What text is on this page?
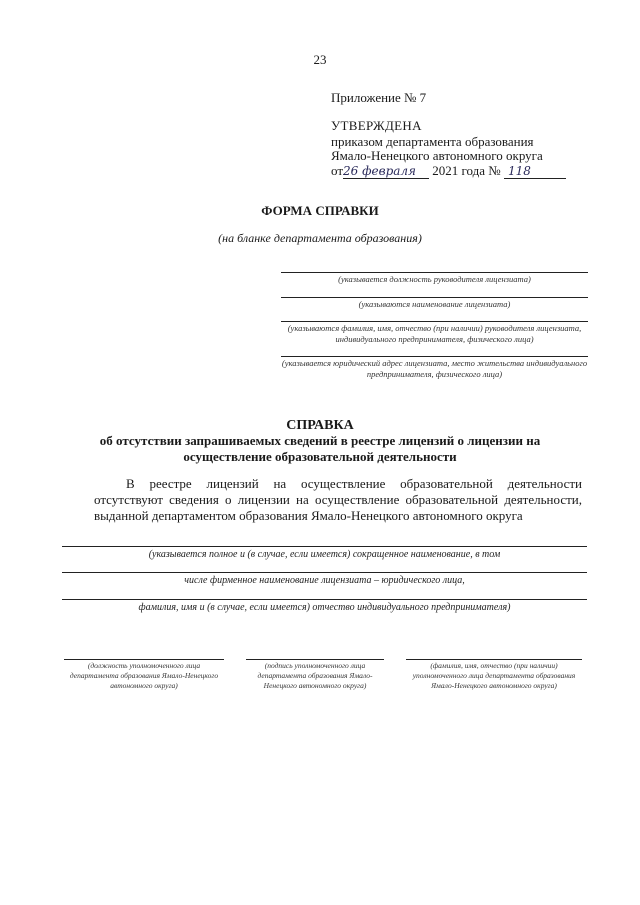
23
Приложение № 7
УТВЕРЖДЕНА
приказом департамента образования
Ямало-Ненецкого автономного округа
от26 февраля 2021 года № 118
ФОРМА СПРАВКИ
(на бланке департамента образования)
(указывается должность руководителя лицензиата)
(указываются наименование лицензиата)
(указываются фамилия, имя, отчество (при наличии) руководителя лицензиата, индивидуального предпринимателя, физического лица)
(указывается юридический адрес лицензиата, место жительства индивидуального предпринимателя, физического лица)
СПРАВКА
об отсутствии запрашиваемых сведений в реестре лицензий о лицензии на осуществление образовательной деятельности

В реестре лицензий на осуществление образовательной деятельности отсутствуют сведения о лицензии на осуществление образовательной деятельности, выданной департаментом образования Ямало-Ненецкого автономного округа

(указывается полное и (в случае, если имеется) сокращенное наименование, в том
числе фирменное наименование лицензиата – юридического лица,
фамилия, имя и (в случае, если имеется) отчество индивидуального предпринимателя)
(должность уполномоченного лица департамента образования Ямало-Ненецкого автономного округа)
(подпись уполномоченного лица департамента образования Ямало-Ненецкого автономного округа)
(фамилия, имя, отчество (при наличии) уполномоченного лица департамента образования Ямало-Ненецкого автономного округа)
